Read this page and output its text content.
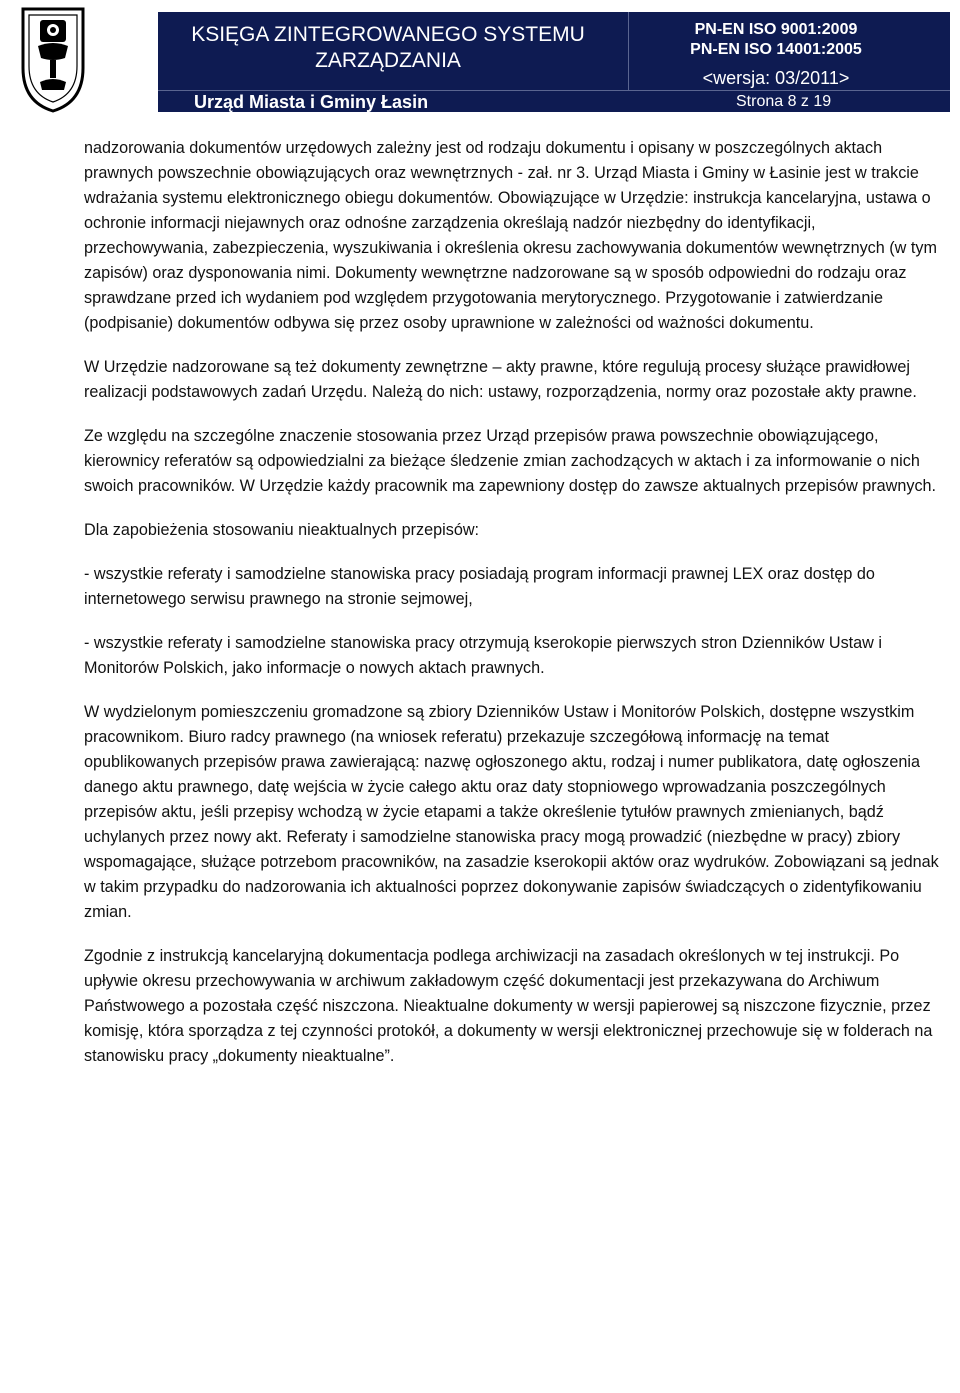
KSIĘGA ZINTEGROWANEGO SYSTEMU
ZARZĄDZANIA
PN-EN ISO 9001:2009
PN-EN ISO 14001:2005
<wersja: 03/2011>
Urząd Miasta i Gminy Łasin	Strona 8 z 19

nadzorowania dokumentów urzędowych zależny jest od rodzaju dokumentu i opisany w poszczególnych aktach prawnych powszechnie obowiązujących oraz wewnętrznych - zał. nr 3. Urząd Miasta i Gminy w Łasinie jest w trakcie wdrażania systemu elektronicznego obiegu dokumentów. Obowiązujące w Urzędzie: instrukcja kancelaryjna, ustawa o ochronie informacji niejawnych oraz odnośne zarządzenia określają nadzór niezbędny do identyfikacji, przechowywania, zabezpieczenia, wyszukiwania i określenia okresu zachowywania dokumentów wewnętrznych (w tym zapisów) oraz dysponowania nimi. Dokumenty wewnętrzne nadzorowane są w sposób odpowiedni do rodzaju oraz sprawdzane przed ich wydaniem pod względem przygotowania merytorycznego. Przygotowanie i zatwierdzanie (podpisanie) dokumentów odbywa się przez osoby uprawnione w zależności od ważności dokumentu.

W Urzędzie nadzorowane są też dokumenty zewnętrzne – akty prawne, które regulują procesy służące prawidłowej realizacji podstawowych zadań Urzędu. Należą do nich: ustawy, rozporządzenia, normy oraz pozostałe akty prawne.

Ze względu na szczególne znaczenie stosowania przez Urząd przepisów prawa powszechnie obowiązującego, kierownicy referatów są odpowiedzialni za bieżące śledzenie zmian zachodzących w aktach i za informowanie o nich swoich pracowników. W Urzędzie każdy pracownik ma zapewniony dostęp do zawsze aktualnych przepisów prawnych.

Dla zapobieżenia stosowaniu nieaktualnych przepisów:

- wszystkie referaty i samodzielne stanowiska pracy posiadają program informacji prawnej LEX oraz dostęp do internetowego serwisu prawnego na stronie sejmowej,

- wszystkie referaty i samodzielne stanowiska pracy otrzymują kserokopie pierwszych stron Dzienników Ustaw i Monitorów Polskich, jako informacje o nowych aktach prawnych.

W wydzielonym pomieszczeniu gromadzone są zbiory Dzienników Ustaw i Monitorów Polskich, dostępne wszystkim pracownikom. Biuro radcy prawnego (na wniosek referatu) przekazuje szczegółową informację na temat opublikowanych przepisów prawa zawierającą: nazwę ogłoszonego aktu, rodzaj i numer publikatora, datę ogłoszenia danego aktu prawnego, datę wejścia w życie całego aktu oraz daty stopniowego wprowadzania poszczególnych przepisów aktu, jeśli przepisy wchodzą w życie etapami a także określenie tytułów prawnych zmienianych, bądź uchylanych przez nowy akt. Referaty i samodzielne stanowiska pracy mogą prowadzić (niezbędne w pracy) zbiory wspomagające, służące potrzebom pracowników, na zasadzie kserokopii aktów oraz wydruków. Zobowiązani są jednak w takim przypadku do nadzorowania ich aktualności poprzez dokonywanie zapisów świadczących o zidentyfikowaniu zmian.

Zgodnie z instrukcją kancelaryjną dokumentacja podlega archiwizacji na zasadach określonych w tej instrukcji. Po upływie okresu przechowywania w archiwum zakładowym część dokumentacji jest przekazywana do Archiwum Państwowego a pozostała część niszczona. Nieaktualne dokumenty w wersji papierowej są niszczone fizycznie, przez komisję, która sporządza z tej czynności protokół, a dokumenty w wersji elektronicznej przechowuje się w folderach na stanowisku pracy „dokumenty nieaktualne”.
